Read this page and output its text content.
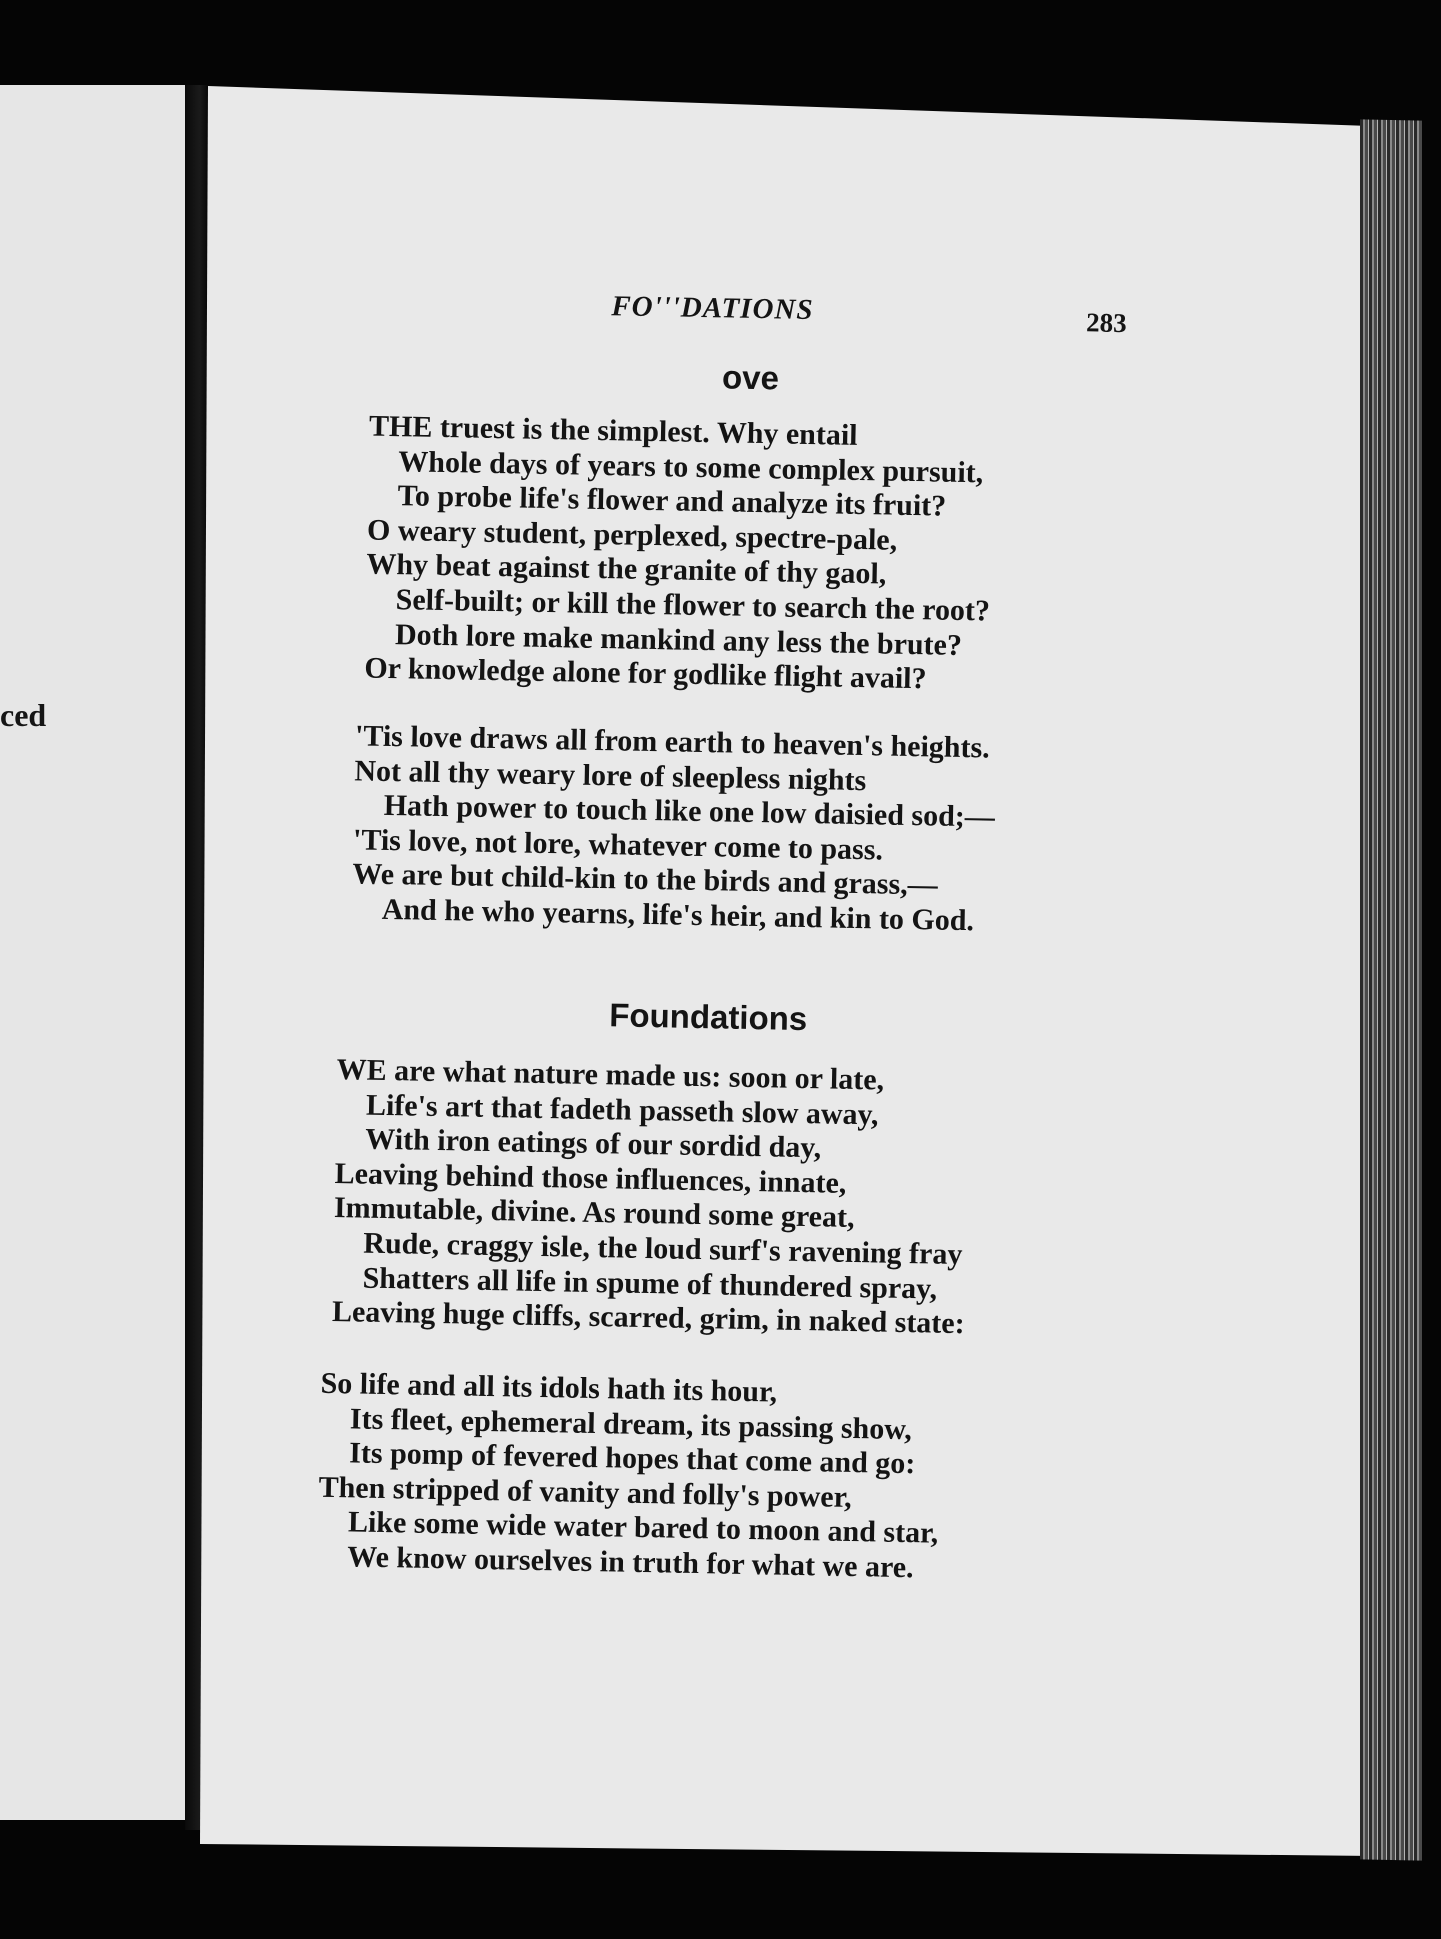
ced
FO'''DATIONS	283
ove
THE truest is the simplest. Why entail
Whole days of years to some complex pursuit,
To probe life's flower and analyze its fruit?
O weary student, perplexed, spectre-pale,
Why beat against the granite of thy gaol,
Self-built; or kill the flower to search the root?
Doth lore make mankind any less the brute?
Or knowledge alone for godlike flight avail?
'Tis love draws all from earth to heaven's heights.
Not all thy weary lore of sleepless nights
Hath power to touch like one low daisied sod;—
'Tis love, not lore, whatever come to pass.
We are but child-kin to the birds and grass,—
And he who yearns, life's heir, and kin to God.
Foundations
WE are what nature made us: soon or late,
Life's art that fadeth passeth slow away,
With iron eatings of our sordid day,
Leaving behind those influences, innate,
Immutable, divine. As round some great,
Rude, craggy isle, the loud surf's ravening fray
Shatters all life in spume of thundered spray,
Leaving huge cliffs, scarred, grim, in naked state:
So life and all its idols hath its hour,
Its fleet, ephemeral dream, its passing show,
Its pomp of fevered hopes that come and go:
Then stripped of vanity and folly's power,
Like some wide water bared to moon and star,
We know ourselves in truth for what we are.
